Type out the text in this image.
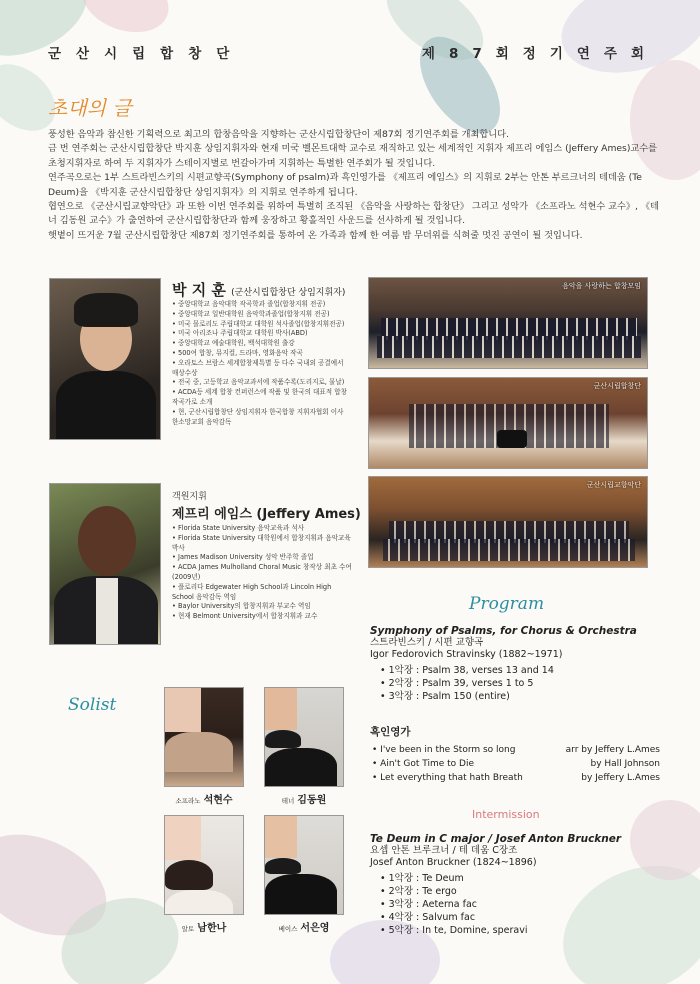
군산시립합창단	제87회정기연주회
초대의 글

풍성한 음악과 참신한 기획력으로 최고의 합창음악을 지향하는 군산시립합창단이 제87회 정기연주회를 개최합니다.

금 번 연주회는 군산시립합창단 박지훈 상임지휘자와 현재 미국 벨몬트대학 교수로 재직하고 있는 세계적인 지휘자 제프리 에임스 (Jeffery Ames)교수를 초청지휘자로 하여 두 지휘자가 스테이지별로 번갈아가며 지휘하는 특별한 연주회가 될 것입니다.

연주곡으로는 1부 스트라빈스키의 시편교향곡(Symphony of psalm)과 흑인영가를 《제프리 에임스》의 지휘로 2부는 안톤 부르크너의 테데움 (Te Deum)을 《박지훈 군산시립합창단 상임지휘자》의 지휘로 연주하게 됩니다.

협연으로 《군산시립교향악단》과 또한 이번 연주회를 위하여 특별히 조직된 《음악을 사랑하는 합창단》 그리고 성악가 《소프라노 석현수 교수》, 《테너 김동원 교수》가 출연하여 군산시립합창단과 함께 웅장하고 황홀적인 사운드를 선사하게 될 것입니다.

햇볕이 뜨거운 7월 군산시립합창단 제87회 정기연주회를 통하여 온 가족과 함께 한 여름 밤 무더위를 식혀줄 멋진 공연이 될 것입니다.

박 지 훈 (군산시립합창단 상임지휘자)
• 중앙대학교 음악대학 작곡학과 졸업(합창지휘 전공)
• 중앙대학교 일반대학원 음악학과졸업(합창지휘 전공)
• 미국 몰로리도 주립대학교 대학원 석사졸업(합창지휘전공)
• 미국 아리조나 주립대학교 대학원 박사(ABD)
• 중앙대학교 예술대학원, 백석대학원 출강
• 500여 합창, 뮤지컬, 드라마, 영화음악 작곡
• 오라토스 브람스 세계합창제특별 등 다수 국내외 공결예서 매상수상
• 전국 중, 고등학교 음악교과서에 작품수록(도리지로, 물날)
• ACDA등 세계 합창 컨퍼런스에 작품 및 한국의 대표적 합창작곡가로 소개
• 현, 군산시립합창단 상임지휘자 한국합창 지휘자협회 이사 한소망교회 음악감독
객원지휘
제프리 에임스 (Jeffery Ames)
• Florida State University 음악교육과 석사
• Florida State University 대학원에서 합창지휘과 음악교육 박사
• James Madison University 성악 반주학 졸업
• ACDA James Mulholland Choral Music 창작상 최초 수여 (2009년)
• 플로리다 Edgewater High School과 Lincoln High School 음악감독 역임
• Baylor University의 합창지휘과 부교수 역임
• 현재 Belmont University에서 합창지휘과 교수
음악을 사랑하는 합창모임
군산시립합창단
군산시립교향악단
Solist
소프라노 석현수	테너 김동원
알토 남한나	베이스 서은영
Program
Symphony of Psalms, for Chorus & Orchestra
스트라빈스키 / 시편 교향곡
Igor Fedorovich Stravinsky (1882~1971)
• 1악장 : Psalm 38, verses 13 and 14
• 2악장 : Psalm 39, verses 1 to 5
• 3악장 : Psalm 150 (entire)
흑인영가
• I've been in the Storm so long	arr by Jeffery L.Ames
• Ain't Got Time to Die	by Hall Johnson
• Let everything that hath Breath	by Jeffery L.Ames
Intermission
Te Deum in C major / Josef Anton Bruckner
요셉 안톤 브루크너 / 테 데움 C장조
Josef Anton Bruckner (1824~1896)
• 1악장 : Te Deum
• 2악장 : Te ergo
• 3악장 : Aeterna fac
• 4악장 : Salvum fac
• 5악장 : In te, Domine, speravi
